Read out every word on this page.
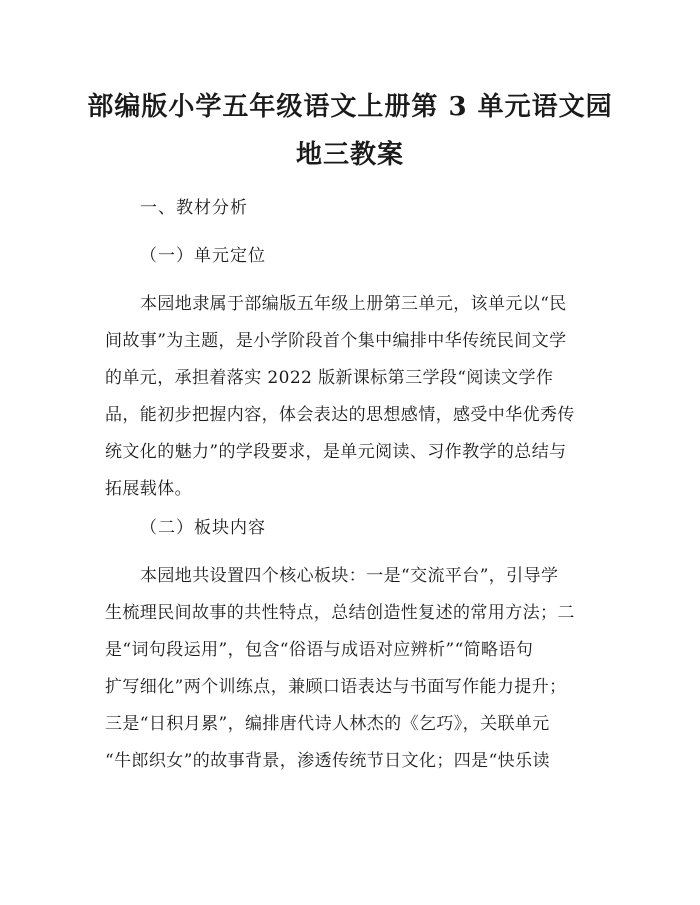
部编版小学五年级语文上册第 3 单元语文园
地三教案
一、教材分析
（一）单元定位
本园地隶属于部编版五年级上册第三单元，该单元以“民
间故事”为主题，是小学阶段首个集中编排中华传统民间文学
的单元，承担着落实 2022 版新课标第三学段“阅读文学作
品，能初步把握内容，体会表达的思想感情，感受中华优秀传
统文化的魅力”的学段要求，是单元阅读、习作教学的总结与
拓展载体。
（二）板块内容
本园地共设置四个核心板块：一是“交流平台”，引导学
生梳理民间故事的共性特点，总结创造性复述的常用方法；二
是“词句段运用”，包含“俗语与成语对应辨析”“简略语句
扩写细化”两个训练点，兼顾口语表达与书面写作能力提升；
三是“日积月累”，编排唐代诗人林杰的《乞巧》，关联单元
“牛郎织女”的故事背景，渗透传统节日文化；四是“快乐读
